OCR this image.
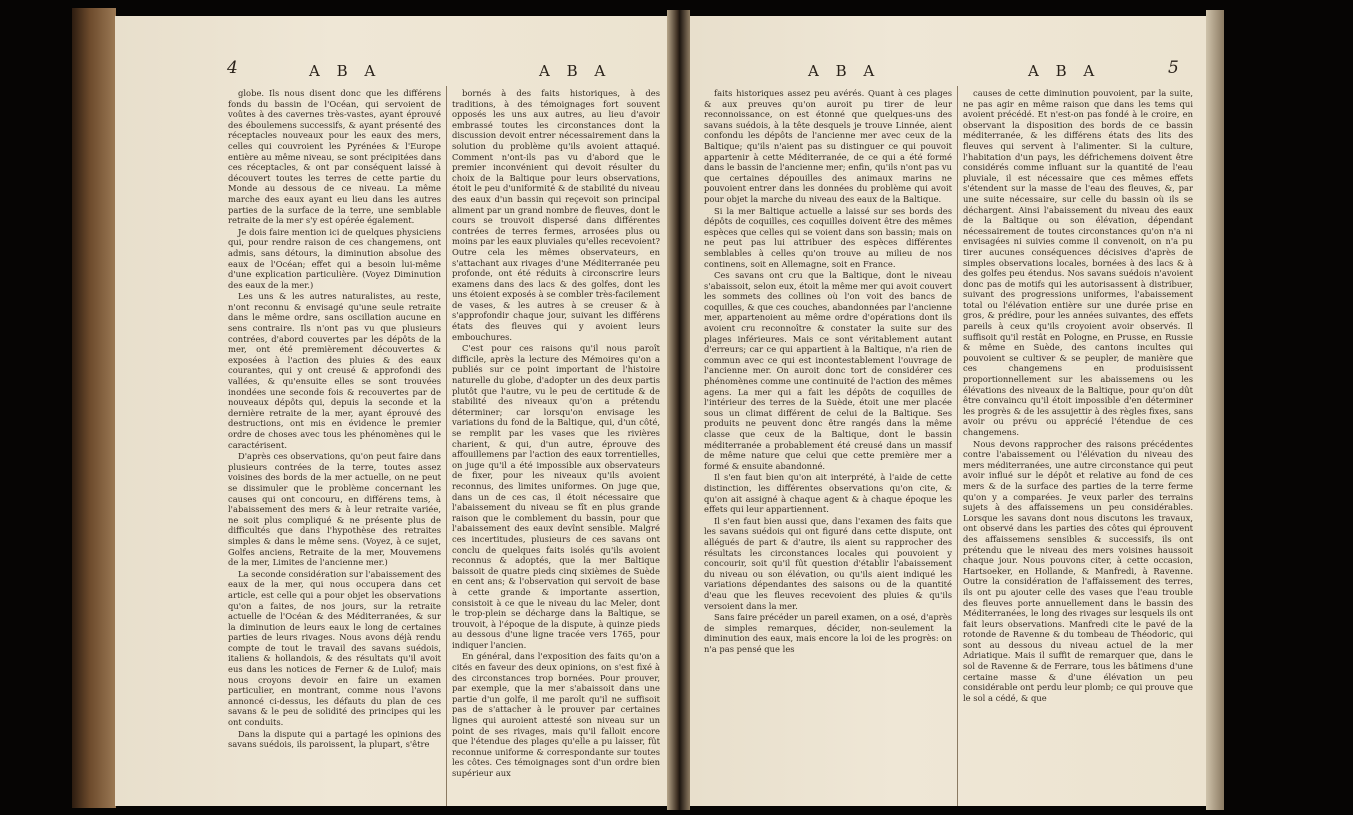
4	A B A	A B A

globe. Ils nous disent donc que les différens fonds du bassin de l'Océan, qui servoient de voûtes à des cavernes très-vastes, ayant éprouvé des éboulemens successifs, & ayant présenté des réceptacles nouveaux pour les eaux des mers, celles qui couvroient les Pyrénées & l'Europe entière au même niveau, se sont précipitées dans ces réceptacles, & ont par conséquent laissé à découvert toutes les terres de cette partie du Monde au dessous de ce niveau. La même marche des eaux ayant eu lieu dans les autres parties de la surface de la terre, une semblable retraite de la mer s'y est opérée également.

Je dois faire mention ici de quelques physiciens qui, pour rendre raison de ces changemens, ont admis, sans détours, la diminution absolue des eaux de l'Océan; effet qui a besoin lui-même d'une explication particulière. (Voyez Diminution des eaux de la mer.)

Les uns & les autres naturalistes, au reste, n'ont reconnu & envisagé qu'une seule retraite dans le même ordre, sans oscillation aucune en sens contraire. Ils n'ont pas vu que plusieurs contrées, d'abord couvertes par les dépôts de la mer, ont été premièrement découvertes & exposées à l'action des pluies & des eaux courantes, qui y ont creusé & approfondi des vallées, & qu'ensuite elles se sont trouvées inondées une seconde fois & recouvertes par de nouveaux dépôts qui, depuis la seconde et la dernière retraite de la mer, ayant éprouvé des destructions, ont mis en évidence le premier ordre de choses avec tous les phénomènes qui le caractérisent.

D'après ces observations, qu'on peut faire dans plusieurs contrées de la terre, toutes assez voisines des bords de la mer actuelle, on ne peut se dissimuler que le problème concernant les causes qui ont concouru, en différens tems, à l'abaissement des mers & à leur retraite variée, ne soit plus compliqué & ne présente plus de difficultés que dans l'hypothèse des retraites simples & dans le même sens. (Voyez, à ce sujet, Golfes anciens, Retraite de la mer, Mouvemens de la mer, Limites de l'ancienne mer.)

La seconde considération sur l'abaissement des eaux de la mer, qui nous occupera dans cet article, est celle qui a pour objet les observations qu'on a faites, de nos jours, sur la retraite actuelle de l'Océan & des Méditerranées, & sur la diminution de leurs eaux le long de certaines parties de leurs rivages. Nous avons déjà rendu compte de tout le travail des savans suédois, italiens & hollandois, & des résultats qu'il avoit eus dans les notices de Ferner & de Lulof; mais nous croyons devoir en faire un examen particulier, en montrant, comme nous l'avons annoncé ci-dessus, les défauts du plan de ces savans & le peu de solidité des principes qui les ont conduits.

Dans la dispute qui a partagé les opinions des savans suédois, ils paroissent, la plupart, s'être

bornés à des faits historiques, à des traditions, à des témoignages fort souvent opposés les uns aux autres, au lieu d'avoir embrassé toutes les circonstances dont la discussion devoit entrer nécessairement dans la solution du problème qu'ils avoient attaqué. Comment n'ont-ils pas vu d'abord que le premier inconvénient qui devoit résulter du choix de la Baltique pour leurs observations, étoit le peu d'uniformité & de stabilité du niveau des eaux d'un bassin qui reçevoit son principal aliment par un grand nombre de fleuves, dont le cours se trouvoit dispersé dans différentes contrées de terres fermes, arrosées plus ou moins par les eaux pluviales qu'elles recevoient? Outre cela les mêmes observateurs, en s'attachant aux rivages d'une Méditerranée peu profonde, ont été réduits à circonscrire leurs examens dans des lacs & des golfes, dont les uns étoient exposés à se combler très-facilement de vases, & les autres à se creuser & à s'approfondir chaque jour, suivant les différens états des fleuves qui y avoient leurs embouchures.

C'est pour ces raisons qu'il nous paroît difficile, après la lecture des Mémoires qu'on a publiés sur ce point important de l'histoire naturelle du globe, d'adopter un des deux partis plutôt que l'autre, vu le peu de certitude & de stabilité des niveaux qu'on a prétendu déterminer; car lorsqu'on envisage les variations du fond de la Baltique, qui, d'un côté, se remplit par les vases que les rivières charient, & qui, d'un autre, éprouve des affouillemens par l'action des eaux torrentielles, on juge qu'il a été impossible aux observateurs de fixer, pour les niveaux qu'ils avoient reconnus, des limites uniformes. On juge que, dans un de ces cas, il étoit nécessaire que l'abaissement du niveau se fît en plus grande raison que le comblement du bassin, pour que l'abaissement des eaux devînt sensible. Malgré ces incertitudes, plusieurs de ces savans ont conclu de quelques faits isolés qu'ils avoient reconnus & adoptés, que la mer Baltique baissoit de quatre pieds cinq sixièmes de Suède en cent ans; & l'observation qui servoit de base à cette grande & importante assertion, consistoit à ce que le niveau du lac Meler, dont le trop-plein se décharge dans la Baltique, se trouvoit, à l'époque de la dispute, à quinze pieds au dessous d'une ligne tracée vers 1765, pour indiquer l'ancien.

En général, dans l'exposition des faits qu'on a cités en faveur des deux opinions, on s'est fixé à des circonstances trop bornées. Pour prouver, par exemple, que la mer s'abaissoit dans une partie d'un golfe, il me paroît qu'il ne suffisoit pas de s'attacher à le prouver par certaines lignes qui auroient attesté son niveau sur un point de ses rivages, mais qu'il falloit encore que l'étendue des plages qu'elle a pu laisser, fût reconnue uniforme & correspondante sur toutes les côtes. Ces témoignages sont d'un ordre bien supérieur aux

A B A	A B A	5

faits historiques assez peu avérés. Quant à ces plages & aux preuves qu'on auroit pu tirer de leur reconnoissance, on est étonné que quelques-uns des savans suédois, à la tête desquels je trouve Linnée, aient confondu les dépôts de l'ancienne mer avec ceux de la Baltique; qu'ils n'aient pas su distinguer ce qui pouvoit appartenir à cette Méditerranée, de ce qui a été formé dans le bassin de l'ancienne mer; enfin, qu'ils n'ont pas vu que certaines dépouilles des animaux marins ne pouvoient entrer dans les données du problème qui avoit pour objet la marche du niveau des eaux de la Baltique.

Si la mer Baltique actuelle a laissé sur ses bords des dépôts de coquilles, ces coquilles doivent être des mêmes espèces que celles qui se voient dans son bassin; mais on ne peut pas lui attribuer des espèces différentes semblables à celles qu'on trouve au milieu de nos continens, soit en Allemagne, soit en France.

Ces savans ont cru que la Baltique, dont le niveau s'abaissoit, selon eux, étoit la même mer qui avoit couvert les sommets des collines où l'on voit des bancs de coquilles, & que ces couches, abandonnées par l'ancienne mer, appartenoient au même ordre d'opérations dont ils avoient cru reconnoître & constater la suite sur des plages inférieures. Mais ce sont véritablement autant d'erreurs; car ce qui appartient à la Baltique, n'a rien de commun avec ce qui est incontestablement l'ouvrage de l'ancienne mer. On auroit donc tort de considérer ces phénomènes comme une continuité de l'action des mêmes agens. La mer qui a fait les dépôts de coquilles de l'intérieur des terres de la Suède, étoit une mer placée sous un climat différent de celui de la Baltique. Ses produits ne peuvent donc être rangés dans la même classe que ceux de la Baltique, dont le bassin méditerranée a probablement été creusé dans un massif de même nature que celui que cette première mer a formé & ensuite abandonné.

Il s'en faut bien qu'on ait interprété, à l'aide de cette distinction, les différentes observations qu'on cite, & qu'on ait assigné à chaque agent & à chaque époque les effets qui leur appartiennent.

Il s'en faut bien aussi que, dans l'examen des faits que les savans suédois qui ont figuré dans cette dispute, ont allégués de part & d'autre, ils aient su rapprocher des résultats les circonstances locales qui pouvoient y concourir, soit qu'il fût question d'établir l'abaissement du niveau ou son élévation, ou qu'ils aient indiqué les variations dépendantes des saisons ou de la quantité d'eau que les fleuves recevoient des pluies & qu'ils versoient dans la mer.

Sans faire précéder un pareil examen, on a osé, d'après de simples remarques, décider, non-seulement la diminution des eaux, mais encore la loi de les progrès: on n'a pas pensé que les

causes de cette diminution pouvoient, par la suite, ne pas agir en même raison que dans les tems qui avoient précédé. Et n'est-on pas fondé à le croire, en observant la disposition des bords de ce bassin méditerranée, & les différens états des lits des fleuves qui servent à l'alimenter. Si la culture, l'habitation d'un pays, les défrichemens doivent être considérés comme influant sur la quantité de l'eau pluviale, il est nécessaire que ces mêmes effets s'étendent sur la masse de l'eau des fleuves, &, par une suite nécessaire, sur celle du bassin où ils se déchargent. Ainsi l'abaissement du niveau des eaux de la Baltique ou son élévation, dépendant nécessairement de toutes circonstances qu'on n'a ni envisagées ni suivies comme il convenoit, on n'a pu tirer aucunes conséquences décisives d'après de simples observations locales, bornées à des lacs & à des golfes peu étendus. Nos savans suédois n'avoient donc pas de motifs qui les autorisassent à distribuer, suivant des progressions uniformes, l'abaissement total ou l'élévation entière sur une durée prise en gros, & prédire, pour les années suivantes, des effets pareils à ceux qu'ils croyoient avoir observés. Il suffisoit qu'il restât en Pologne, en Prusse, en Russie & même en Suède, des cantons incultes qui pouvoient se cultiver & se peupler, de manière que ces changemens en produisissent proportionnellement sur les abaissemens ou les élévations des niveaux de la Baltique, pour qu'on dût être convaincu qu'il étoit impossible d'en déterminer les progrès & de les assujettir à des règles fixes, sans avoir ou prévu ou apprécié l'étendue de ces changemens.

Nous devons rapprocher des raisons précédentes contre l'abaissement ou l'élévation du niveau des mers méditerranées, une autre circonstance qui peut avoir influé sur le dépôt et relative au fond de ces mers & de la surface des parties de la terre ferme qu'on y a comparées. Je veux parler des terrains sujets à des affaissemens un peu considérables. Lorsque les savans dont nous discutons les travaux, ont observé dans les parties des côtes qui éprouvent des affaissemens sensibles & successifs, ils ont prétendu que le niveau des mers voisines haussoit chaque jour. Nous pouvons citer, à cette occasion, Hartsoeker, en Hollande, & Manfredi, à Ravenne. Outre la considération de l'affaissement des terres, ils ont pu ajouter celle des vases que l'eau trouble des fleuves porte annuellement dans le bassin des Méditerranées, le long des rivages sur lesquels ils ont fait leurs observations. Manfredi cite le pavé de la rotonde de Ravenne & du tombeau de Théodoric, qui sont au dessous du niveau actuel de la mer Adriatique. Mais il suffit de remarquer que, dans le sol de Ravenne & de Ferrare, tous les bâtimens d'une certaine masse & d'une élévation un peu considérable ont perdu leur plomb; ce qui prouve que le sol a cédé, & que
